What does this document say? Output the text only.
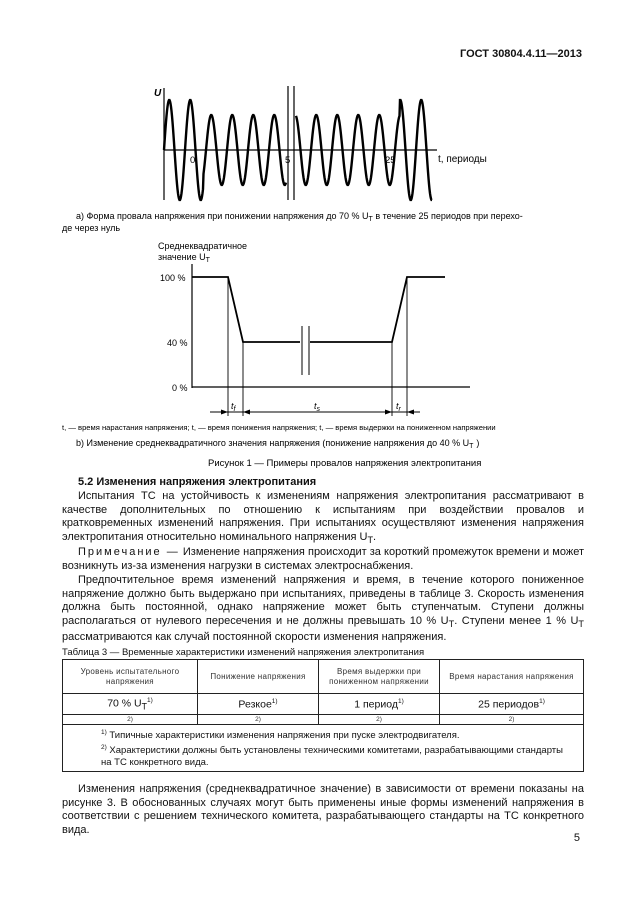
ГОСТ 30804.4.11—2013
U
t, периоды
0	5	25
а) Форма провала напряжения при понижении напряжения до 70 % $U_T$ в течение 25 периодов при перехо-
де через нуль
Среднеквадратичное
значение $U_T$
100 %
40 %
0 %
$t_f$	$t_s$	$t_r$
t, — время нарастания напряжения; t, — время понижения напряжения; t, — время выдержки на пониженном напряжении
b) Изменение среднеквадратичного значения напряжения (понижение напряжения до 40 % $U_T$ )
Рисунок 1 — Примеры провалов напряжения электропитания
5.2 Изменения напряжения электропитания
Испытания ТС на устойчивость к изменениям напряжения электропитания рассматривают в качестве дополнительных по отношению к испытаниям при воздействии провалов и кратковременных изменений напряжения. При испытаниях осуществляют изменения напряжения электропитания относительно номинального напряжения $U_T$.
Примечание — Изменение напряжения происходит за короткий промежуток времени и может возникнуть из-за изменения нагрузки в системах электроснабжения.
Предпочтительное время изменений напряжения и время, в течение которого пониженное напряжение должно быть выдержано при испытаниях, приведены в таблице 3. Скорость изменения должна быть постоянной, однако напряжение может быть ступенчатым. Ступени должны располагаться от нулевого пересечения и не должны превышать 10 % $U_T$. Ступени менее 1 % $U_T$ рассматриваются как случай постоянной скорости изменения напряжения.
Таблица 3 — Временные характеристики изменений напряжения электропитания
Уровень испытательного напряжения	Понижение напряжения	Время выдержки при пониженном напряжении	Время нарастания напряжения
70 % $U_T^{1)}$	Резкое$^{1)}$	1 период$^{1)}$	25 периодов$^{1)}$
2)	2)	2)	2)

$^{1)}$ Типичные характеристики изменения напряжения при пуске электродвигателя.
$^{2)}$ Характеристики должны быть установлены техническими комитетами, разрабатывающими стандарты на ТС конкретного вида.			
Изменения напряжения (среднеквадратичное значение) в зависимости от времени показаны на рисунке 3. В обоснованных случаях могут быть применены иные формы изменений напряжения в соответствии с решением технического комитета, разрабатывающего стандарты на ТС конкретного вида.
5
